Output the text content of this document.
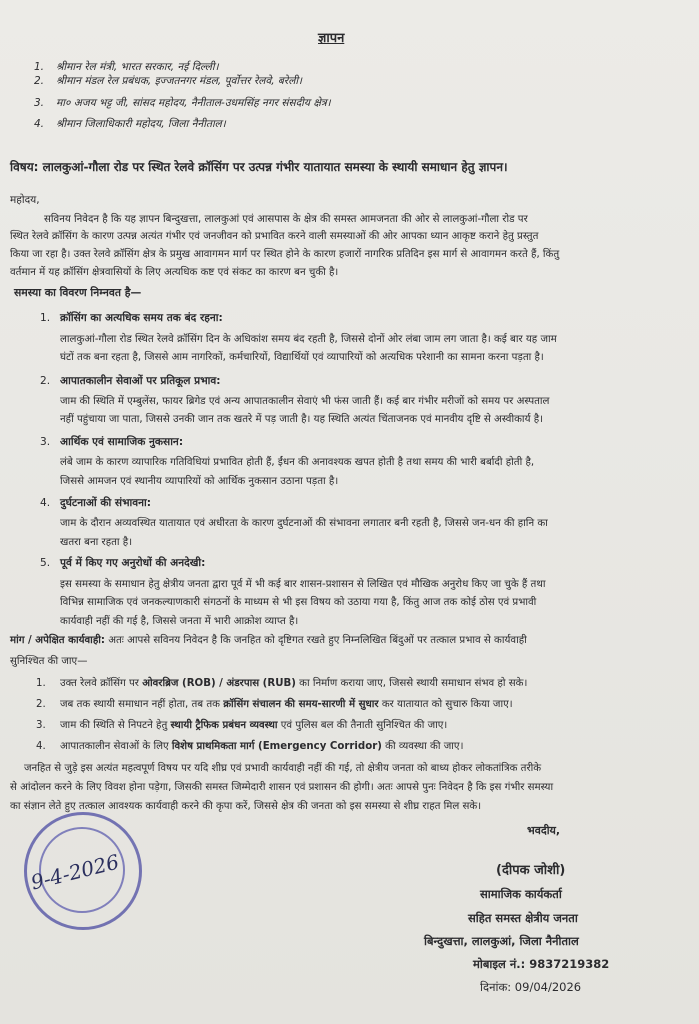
ज्ञापन
1. श्रीमान रेल मंत्री, भारत सरकार, नई दिल्ली।
2. श्रीमान मंडल रेल प्रबंधक, इज्जतनगर मंडल, पूर्वोत्तर रेलवे, बरेली।
3. मा० अजय भट्ट जी, सांसद महोदय, नैनीताल-उधमसिंह नगर संसदीय क्षेत्र।
4. श्रीमान जिलाधिकारी महोदय, जिला नैनीताल।
विषय: लालकुआं-गौला रोड पर स्थित रेलवे क्रॉसिंग पर उत्पन्न गंभीर यातायात समस्या के स्थायी समाधान हेतु ज्ञापन।
महोदय,
सविनय निवेदन है कि यह ज्ञापन बिन्दुखत्ता, लालकुआं एवं आसपास के क्षेत्र की समस्त आमजनता की ओर से लालकुआं-गौला रोड पर
स्थित रेलवे क्रॉसिंग के कारण उत्पन्न अत्यंत गंभीर एवं जनजीवन को प्रभावित करने वाली समस्याओं की ओर आपका ध्यान आकृष्ट कराने हेतु प्रस्तुत
किया जा रहा है। उक्त रेलवे क्रॉसिंग क्षेत्र के प्रमुख आवागमन मार्ग पर स्थित होने के कारण हजारों नागरिक प्रतिदिन इस मार्ग से आवागमन करते हैं, किंतु
वर्तमान में यह क्रॉसिंग क्षेत्रवासियों के लिए अत्यधिक कष्ट एवं संकट का कारण बन चुकी है।
समस्या का विवरण निम्नवत है—
1. क्रॉसिंग का अत्यधिक समय तक बंद रहना:
लालकुआं-गौला रोड स्थित रेलवे क्रॉसिंग दिन के अधिकांश समय बंद रहती है, जिससे दोनों ओर लंबा जाम लग जाता है। कई बार यह जाम
घंटों तक बना रहता है, जिससे आम नागरिकों, कर्मचारियों, विद्यार्थियों एवं व्यापारियों को अत्यधिक परेशानी का सामना करना पड़ता है।
2. आपातकालीन सेवाओं पर प्रतिकूल प्रभाव:
जाम की स्थिति में एम्बुलेंस, फायर ब्रिगेड एवं अन्य आपातकालीन सेवाएं भी फंस जाती हैं। कई बार गंभीर मरीजों को समय पर अस्पताल
नहीं पहुंचाया जा पाता, जिससे उनकी जान तक खतरे में पड़ जाती है। यह स्थिति अत्यंत चिंताजनक एवं मानवीय दृष्टि से अस्वीकार्य है।
3. आर्थिक एवं सामाजिक नुकसान:
लंबे जाम के कारण व्यापारिक गतिविधियां प्रभावित होती हैं, ईंधन की अनावश्यक खपत होती है तथा समय की भारी बर्बादी होती है,
जिससे आमजन एवं स्थानीय व्यापारियों को आर्थिक नुकसान उठाना पड़ता है।
4. दुर्घटनाओं की संभावना:
जाम के दौरान अव्यवस्थित यातायात एवं अधीरता के कारण दुर्घटनाओं की संभावना लगातार बनी रहती है, जिससे जन-धन की हानि का
खतरा बना रहता है।
5. पूर्व में किए गए अनुरोधों की अनदेखी:
इस समस्या के समाधान हेतु क्षेत्रीय जनता द्वारा पूर्व में भी कई बार शासन-प्रशासन से लिखित एवं मौखिक अनुरोध किए जा चुके हैं तथा
विभिन्न सामाजिक एवं जनकल्याणकारी संगठनों के माध्यम से भी इस विषय को उठाया गया है, किंतु आज तक कोई ठोस एवं प्रभावी
कार्यवाही नहीं की गई है, जिससे जनता में भारी आक्रोश व्याप्त है।
मांग / अपेक्षित कार्यवाही: अतः आपसे सविनय निवेदन है कि जनहित को दृष्टिगत रखते हुए निम्नलिखित बिंदुओं पर तत्काल प्रभाव से कार्यवाही
सुनिश्चित की जाए—
1. उक्त रेलवे क्रॉसिंग पर ओवरब्रिज (ROB) / अंडरपास (RUB) का निर्माण कराया जाए, जिससे स्थायी समाधान संभव हो सके।
2. जब तक स्थायी समाधान नहीं होता, तब तक क्रॉसिंग संचालन की समय-सारणी में सुधार कर यातायात को सुचारु किया जाए।
3. जाम की स्थिति से निपटने हेतु स्थायी ट्रैफिक प्रबंधन व्यवस्था एवं पुलिस बल की तैनाती सुनिश्चित की जाए।
4. आपातकालीन सेवाओं के लिए विशेष प्राथमिकता मार्ग (Emergency Corridor) की व्यवस्था की जाए।
जनहित से जुड़े इस अत्यंत महत्वपूर्ण विषय पर यदि शीघ्र एवं प्रभावी कार्यवाही नहीं की गई, तो क्षेत्रीय जनता को बाध्य होकर लोकतांत्रिक तरीके
से आंदोलन करने के लिए विवश होना पड़ेगा, जिसकी समस्त जिम्मेदारी शासन एवं प्रशासन की होगी। अतः आपसे पुनः निवेदन है कि इस गंभीर समस्या
का संज्ञान लेते हुए तत्काल आवश्यक कार्यवाही करने की कृपा करें, जिससे क्षेत्र की जनता को इस समस्या से शीघ्र राहत मिल सके।
भवदीय,
9-4-2026	(दीपक जोशी)
सामाजिक कार्यकर्ता
सहित समस्त क्षेत्रीय जनता
बिन्दुखत्ता, लालकुआं, जिला नैनीताल
मोबाइल नं.: 9837219382
दिनांक: 09/04/2026
